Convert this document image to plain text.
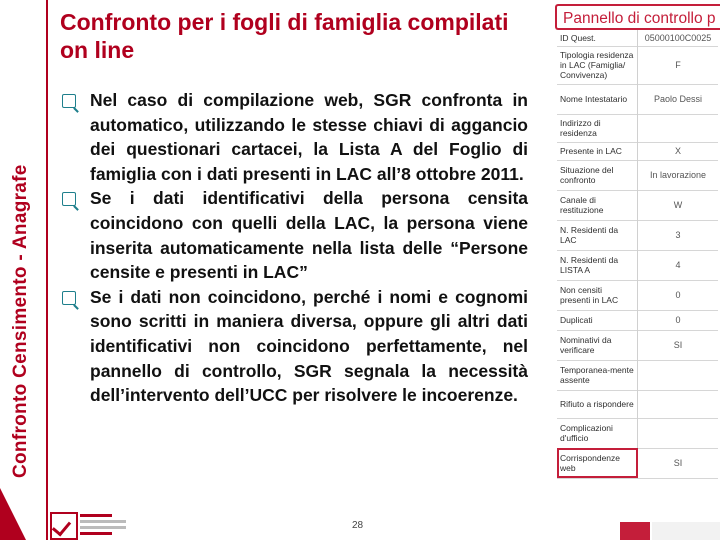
Confronto Censimento - Anagrafe
Confronto per i fogli di famiglia compilati on line
Nel caso di compilazione web, SGR confronta in automatico, utilizzando le stesse chiavi di aggancio dei questionari cartacei, la Lista A del Foglio di famiglia con i dati presenti in LAC all’8 ottobre 2011.
Se i dati identificativi della persona censita coincidono con quelli della LAC, la persona viene inserita automaticamente nella lista delle “Persone censite e presenti in LAC”
Se i dati non coincidono, perché i nomi e cognomi sono scritti in maniera diversa, oppure gli altri dati identificativi non coincidono perfettamente, nel pannello di controllo, SGR segnala la necessità dell’intervento dell’UCC per risolvere le incoerenze.
28
Pannello di controllo p
ID Quest.	05000100C0025
Tipologia residenza in LAC (Famiglia/ Convivenza)	F
Nome Intestatario	Paolo Dessi
Indirizzo di residenza	
Presente in LAC	X
Situazione del confronto	In lavorazione
Canale di restituzione	W
N. Residenti da LAC	3
N. Residenti da LISTA A	4
Non censiti presenti in LAC	0
Duplicati	0
Nominativi da verificare	SI
Temporanea-mente assente	
Rifiuto a rispondere	
Complicazioni d'ufficio	
Corrispondenze web	SI
